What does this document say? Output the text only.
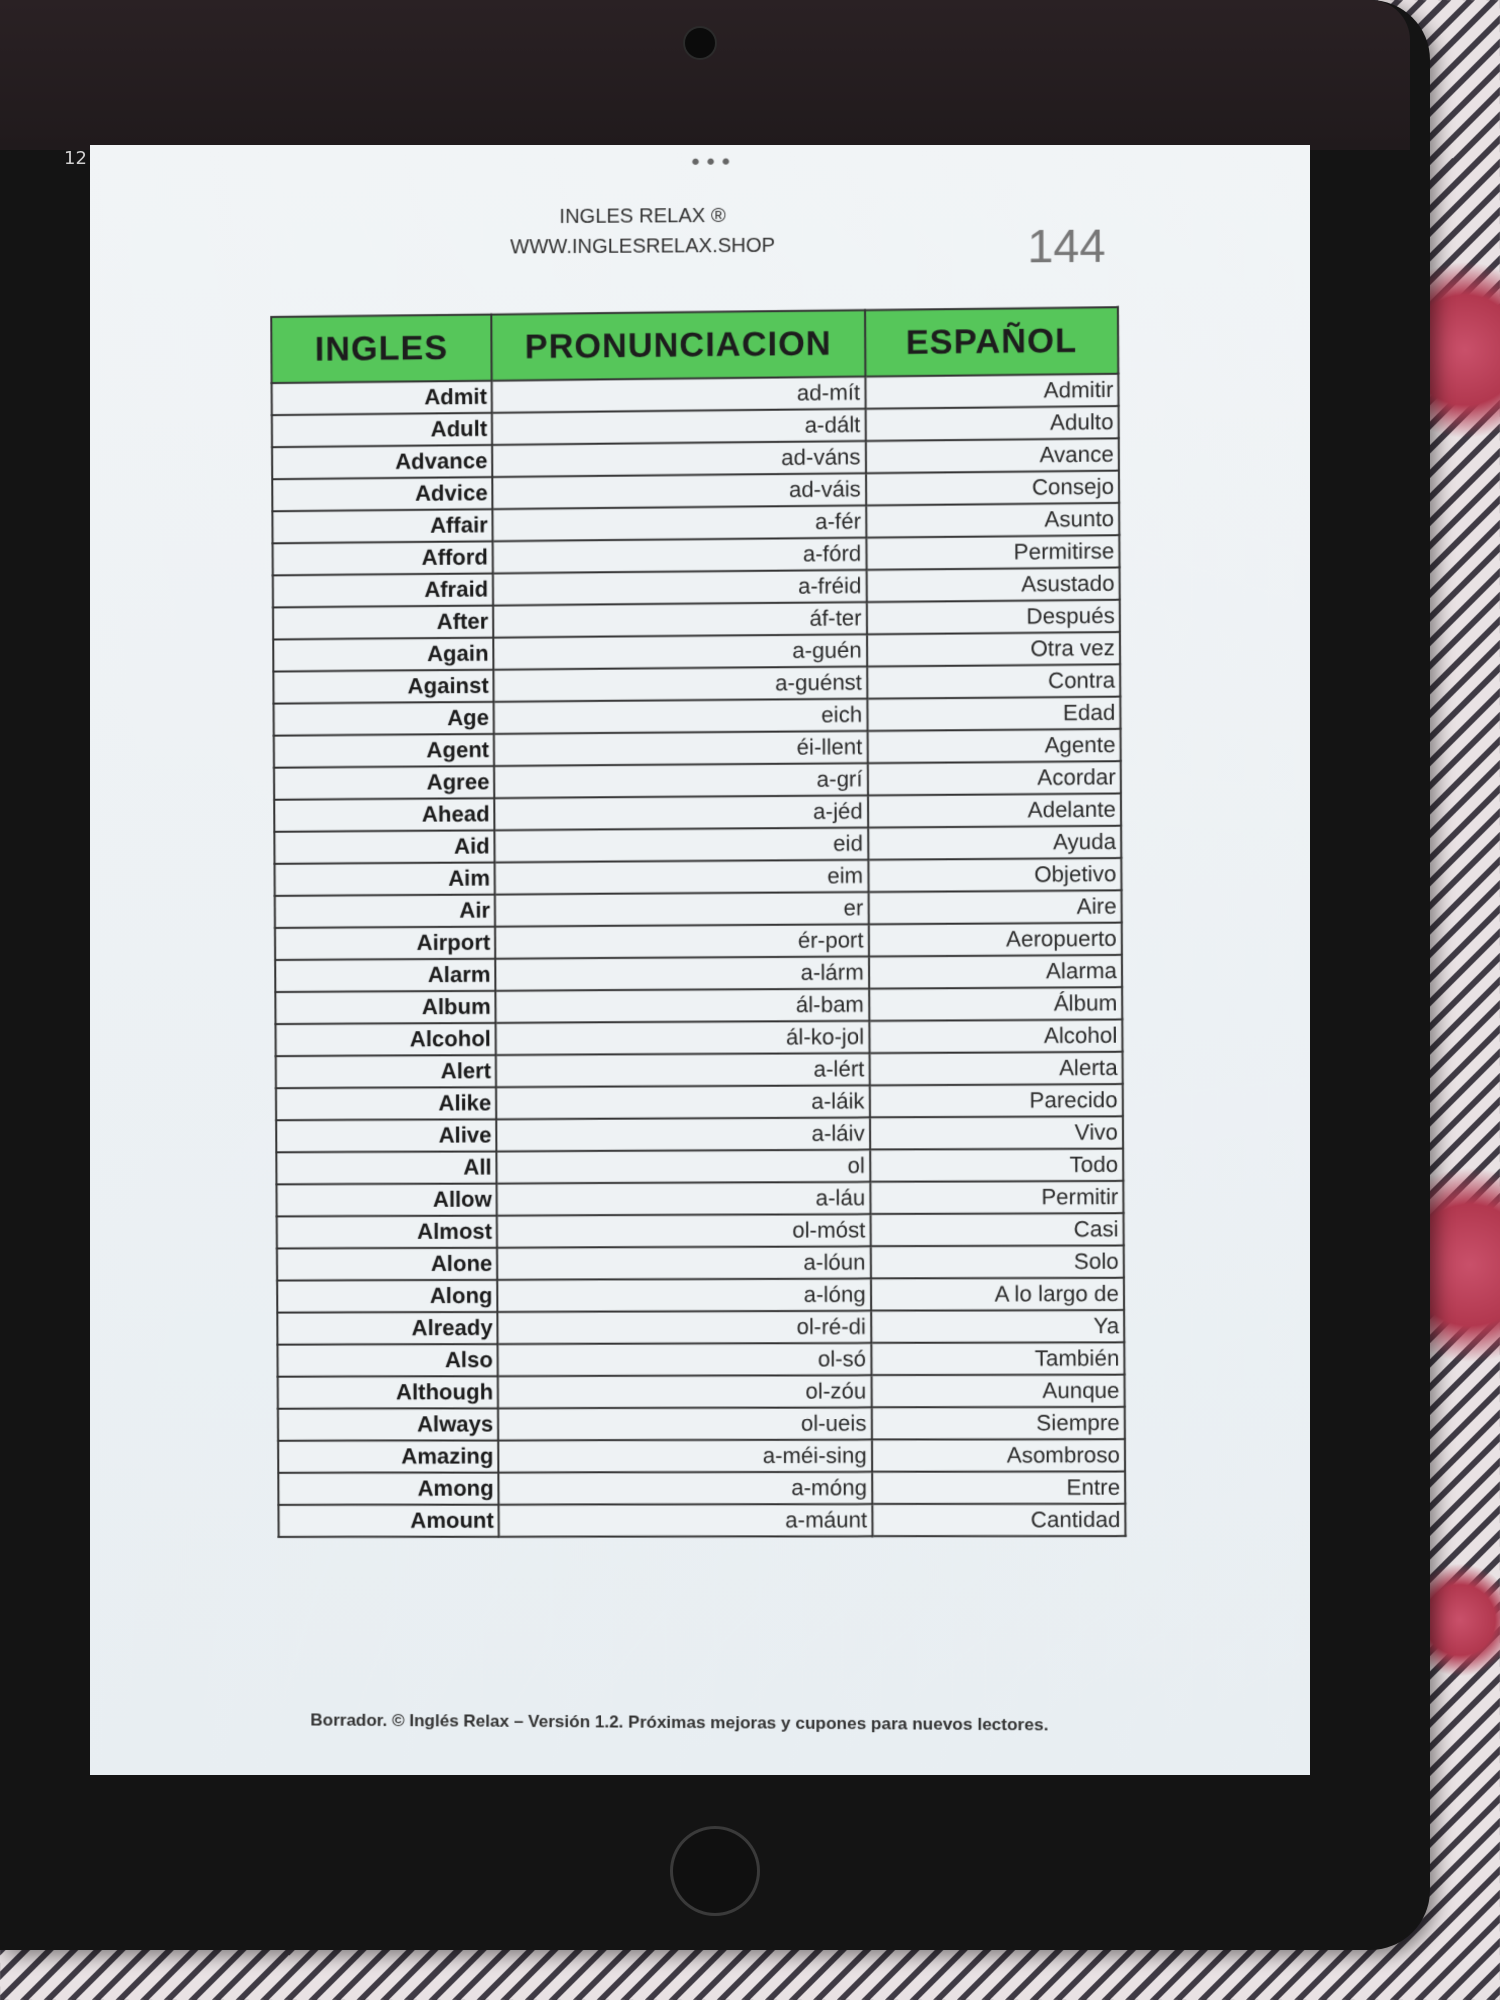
12	•••
INGLES RELAX ®
WWW.INGLESRELAX.SHOP	144
INGLES	PRONUNCIACION	ESPAÑOL
Admit	ad-mít	Admitir
Adult	a-dált	Adulto
Advance	ad-váns	Avance
Advice	ad-váis	Consejo
Affair	a-fér	Asunto
Afford	a-fórd	Permitirse
Afraid	a-fréid	Asustado
After	áf-ter	Después
Again	a-guén	Otra vez
Against	a-guénst	Contra
Age	eich	Edad
Agent	éi-llent	Agente
Agree	a-grí	Acordar
Ahead	a-jéd	Adelante
Aid	eid	Ayuda
Aim	eim	Objetivo
Air	er	Aire
Airport	ér-port	Aeropuerto
Alarm	a-lárm	Alarma
Album	ál-bam	Álbum
Alcohol	ál-ko-jol	Alcohol
Alert	a-lért	Alerta
Alike	a-láik	Parecido
Alive	a-láiv	Vivo
All	ol	Todo
Allow	a-láu	Permitir
Almost	ol-móst	Casi
Alone	a-lóun	Solo
Along	a-lóng	A lo largo de
Already	ol-ré-di	Ya
Also	ol-só	También
Although	ol-zóu	Aunque
Always	ol-ueis	Siempre
Amazing	a-méi-sing	Asombroso
Among	a-móng	Entre
Amount	a-máunt	Cantidad
Borrador. © Inglés Relax – Versión 1.2. Próximas mejoras y cupones para nuevos lectores.
